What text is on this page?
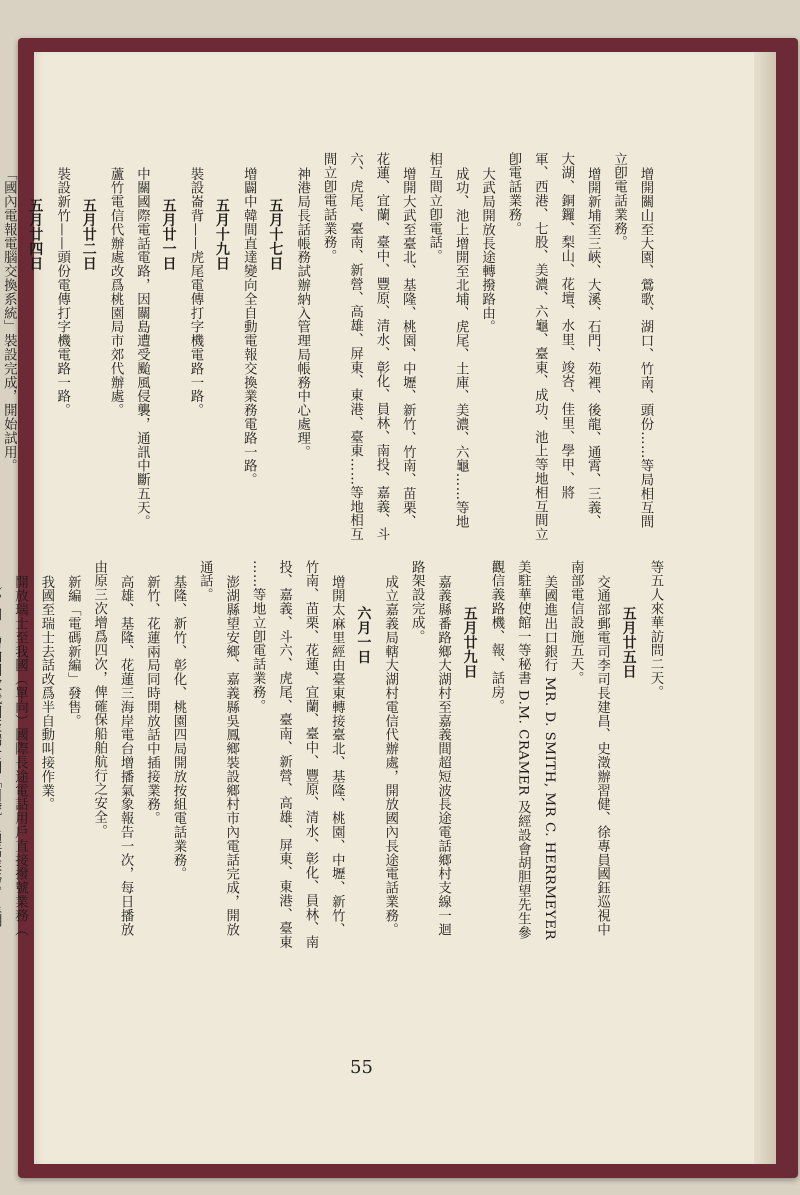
增開關山至大園、鶯歌、湖口、竹南、頭份……等局相互間
立卽電話業務。
增開新埔至三峽、大溪、石門、苑裡、後龍、通霄、三義、
大湖、銅鑼、梨山、花壇、水里、竣峇、佳里、學甲、將
軍、西港、七股、美濃、六龜、臺東、成功、池上等地相互間立
卽電話業務。
大武局開放長途轉撥路由。
成功、池上增開至北埔、虎尾、土庫、美濃、六龜……等地
相互間立卽電話。
增開大武至臺北、基隆、桃園、中壢、新竹、竹南、苗栗、
花蓮、宜蘭、臺中、豐原、清水、彰化、員林、南投、嘉義、斗
六、虎尾、臺南、新營、高雄、屏東、東港、臺東……等地相互
間立卽電話業務。
神港局長話帳務試辦納入管理局帳務中心處理。
五月十七日
增闢中韓間直達變向全自動電報交換業務電路一路。
五月十九日
裝設崙背——虎尾電傳打字機電路一路。
五月廿一日
中關國際電話電路，因關島遭受颱風侵襲，通訊中斷五天。
蘆竹電信代辦處改爲桃園局市郊代辦處。
五月廿二日
裝設新竹——頭份電傳打字機電路一路。
五月廿四日
「國內電報電腦交換系統」裝設完成，開始試用。
等五人來華訪問二天。
五月廿五日
交通部郵電司李司長建昌、史澂辦習健、徐專員國鈺巡視中
南部電信設施五天。
美國進出口銀行 MR. D. SMITH, MR C. HERRMEYER
美駐華使館一等秘書 D.M. CRAMER 及經設會胡胆望先生參
觀信義路機、報、話房。
五月廿九日
嘉義縣番路鄉大湖村至嘉義間超短波長途電話鄉村支線一迴
路架設完成。
成立嘉義局轄大湖村電信代辦處，開放國內長途電話業務。
六月一日
增開太麻里經由臺東轉接臺北、基隆、桃園、中壢、新竹、
竹南、苗栗、花蓮、宜蘭、臺中、豐原、清水、彰化、員林、南
投、嘉義、斗六、虎尾、臺南、新營、高雄、屏東、東港、臺東
……等地立卽電話業務。
澎湖縣望安鄉、嘉義縣吳鳳鄉裝設鄉村市內電話完成，開放
通話。
基隆、新竹、彰化、桃園四局開放按組電話業務。
新竹、花蓮兩局同時開放話中插接業務。
高雄、基隆、花蓮三海岸電台增播氣象報告一次，每日播放
由原三次增爲四次，俾確保船舶航行之安全。
新編「電碼新編」發售。
我國至瑞士去話改爲半自動叫接作業。
開放瑞士至我國（單向）國際長途電話用戶直接撥號業務（
55
